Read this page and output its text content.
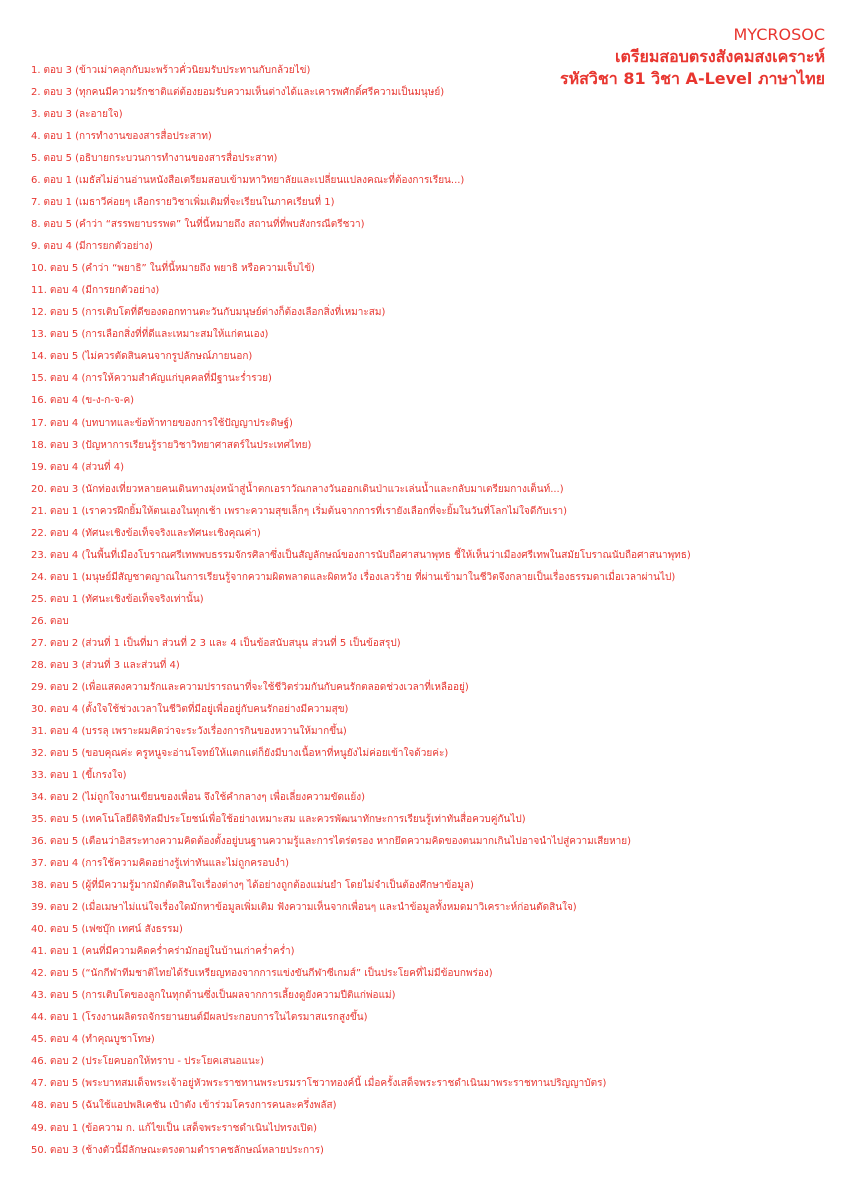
MYCROSOC
เตรียมสอบตรงสังคมสงเคราะห์
รหัสวิชา 81 วิชา A-Level ภาษาไทย
1. ตอบ 3 (ข้าวเม่าคลุกกับมะพร้าวคั่วนิยมรับประทานกับกล้วยไข่)
2. ตอบ 3 (ทุกคนมีความรักชาติแต่ต้องยอมรับความเห็นต่างได้และเคารพศักดิ์ศรีความเป็นมนุษย์)
3. ตอบ 3 (ละอายใจ)
4. ตอบ 1 (การทำงานของสารสื่อประสาท)
5. ตอบ 5 (อธิบายกระบวนการทำงานของสารสื่อประสาท)
6. ตอบ 1 (เมธัสไม่อ่านอ่านหนังสือเตรียมสอบเข้ามหาวิทยาลัยและเปลี่ยนแปลงคณะที่ต้องการเรียน...)
7. ตอบ 1 (เมธาวีค่อยๆ เลือกรายวิชาเพิ่มเติมที่จะเรียนในภาคเรียนที่ 1)
8. ตอบ 5 (คำว่า “สรรพยาบรรพต” ในที่นี้หมายถึง สถานที่ที่พบสังกรณีตรีชวา)
9. ตอบ 4 (มีการยกตัวอย่าง)
10. ตอบ 5 (คำว่า “พยาธิ” ในที่นี้หมายถึง พยาธิ หรือความเจ็บไข้)
11. ตอบ 4 (มีการยกตัวอย่าง)
12. ตอบ 5 (การเติบโตที่ดีของดอกทานตะวันกับมนุษย์ต่างก็ต้องเลือกสิ่งที่เหมาะสม)
13. ตอบ 5 (การเลือกสิ่งที่ที่ดีและเหมาะสมให้แก่ตนเอง)
14. ตอบ 5 (ไม่ควรตัดสินคนจากรูปลักษณ์ภายนอก)
15. ตอบ 4 (การให้ความสำคัญแก่บุคคลที่มีฐานะร่ำรวย)
16. ตอบ 4 (ข-ง-ก-จ-ค)
17. ตอบ 4 (บทบาทและข้อท้าทายของการใช้ปัญญาประดิษฐ์)
18. ตอบ 3 (ปัญหาการเรียนรู้รายวิชาวิทยาศาสตร์ในประเทศไทย)
19. ตอบ 4 (ส่วนที่ 4)
20. ตอบ 3 (นักท่องเที่ยวหลายคนเดินทางมุ่งหน้าสู่น้ำตกเอราวัณกลางวันออกเดินป่าแวะเล่นน้ำและกลับมาเตรียมกางเต็นท์...)
21. ตอบ 1 (เราควรฝึกยิ้มให้ตนเองในทุกเช้า เพราะความสุขเล็กๆ เริ่มต้นจากการที่เรายังเลือกที่จะยิ้มในวันที่โลกไม่ใจดีกับเรา)
22. ตอบ 4 (ทัศนะเชิงข้อเท็จจริงและทัศนะเชิงคุณค่า)
23. ตอบ 4 (ในพื้นที่เมืองโบราณศรีเทพพบธรรมจักรศิลาซึ่งเป็นสัญลักษณ์ของการนับถือศาสนาพุทธ ชี้ให้เห็นว่าเมืองศรีเทพในสมัยโบราณนับถือศาสนาพุทธ)
24. ตอบ 1 (มนุษย์มีสัญชาตญาณในการเรียนรู้จากความผิดพลาดและผิดหวัง เรื่องเลวร้าย ที่ผ่านเข้ามาในชีวิตจึงกลายเป็นเรื่องธรรมดาเมื่อเวลาผ่านไป)
25. ตอบ 1 (ทัศนะเชิงข้อเท็จจริงเท่านั้น)
26. ตอบ
27. ตอบ 2 (ส่วนที่ 1 เป็นที่มา ส่วนที่ 2 3 และ 4 เป็นข้อสนับสนุน ส่วนที่ 5 เป็นข้อสรุป)
28. ตอบ 3 (ส่วนที่ 3 และส่วนที่ 4)
29. ตอบ 2 (เพื่อแสดงความรักและความปรารถนาที่จะใช้ชีวิตร่วมกันกับคนรักตลอดช่วงเวลาที่เหลืออยู่)
30. ตอบ 4 (ตั้งใจใช้ช่วงเวลาในชีวิตที่มีอยู่เพื่ออยู่กับคนรักอย่างมีความสุข)
31. ตอบ 4 (บรรลุ เพราะผมคิดว่าจะระวังเรื่องการกินของหวานให้มากขึ้น)
32. ตอบ 5 (ขอบคุณค่ะ ครูหนูจะอ่านโจทย์ให้แตกแต่ก็ยังมีบางเนื้อหาที่หนูยังไม่ค่อยเข้าใจด้วยค่ะ)
33. ตอบ 1 (ขี้เกรงใจ)
34. ตอบ 2 (ไม่ถูกใจงานเขียนของเพื่อน จึงใช้คำกลางๆ เพื่อเลี่ยงความขัดแย้ง)
35. ตอบ 5 (เทคโนโลยีดิจิทัลมีประโยชน์เพื่อใช้อย่างเหมาะสม และควรพัฒนาทักษะการเรียนรู้เท่าทันสื่อควบคู่กันไป)
36. ตอบ 5 (เตือนว่าอิสระทางความคิดต้องตั้งอยู่บนฐานความรู้และการไตร่ตรอง หากยึดความคิดของตนมากเกินไปอาจนำไปสู่ความเสียหาย)
37. ตอบ 4 (การใช้ความคิดอย่างรู้เท่าทันและไม่ถูกครอบงำ)
38. ตอบ 5 (ผู้ที่มีความรู้มากมักตัดสินใจเรื่องต่างๆ ได้อย่างถูกต้องแม่นยำ โดยไม่จำเป็นต้องศึกษาข้อมูล)
39. ตอบ 2 (เมื่อเมษาไม่แน่ใจเรื่องใดมักหาข้อมูลเพิ่มเติม ฟังความเห็นจากเพื่อนๆ และนำข้อมูลทั้งหมดมาวิเคราะห์ก่อนตัดสินใจ)
40. ตอบ 5 (เฟซบุ๊ก เทศน์ สังธรรม)
41. ตอบ 1 (คนที่มีความคิดคร่ำคร่ามักอยู่ในบ้านเก่าคร่ำคร่ำ)
42. ตอบ 5 (“นักกีฬาทีมชาติไทยได้รับเหรียญทองจากการแข่งขันกีฬาซีเกมส์” เป็นประโยคที่ไม่มีข้อบกพร่อง)
43. ตอบ 5 (การเติบโตของลูกในทุกด้านซึ่งเป็นผลจากการเลี้ยงดูยังความปีติแก่พ่อแม่)
44. ตอบ 1 (โรงงานผลิตรถจักรยานยนต์มีผลประกอบการในไตรมาสแรกสูงขึ้น)
45. ตอบ 4 (ทำคุณบูชาโทษ)
46. ตอบ 2 (ประโยคบอกให้ทราบ - ประโยคเสนอแนะ)
47. ตอบ 5 (พระบาทสมเด็จพระเจ้าอยู่หัวพระราชทานพระบรมราโชวาทองค์นี้ เมื่อครั้งเสด็จพระราชดำเนินมาพระราชทานปริญญาบัตร)
48. ตอบ 5 (ฉันใช้แอปพลิเคชัน เป๋าตัง เข้าร่วมโครงการคนละครึ่งพลัส)
49. ตอบ 1 (ข้อความ ก. แก้ไขเป็น เสด็จพระราชดำเนินไปทรงเปิด)
50. ตอบ 3 (ช้างตัวนี้มีลักษณะตรงตามตำราคชลักษณ์หลายประการ)
